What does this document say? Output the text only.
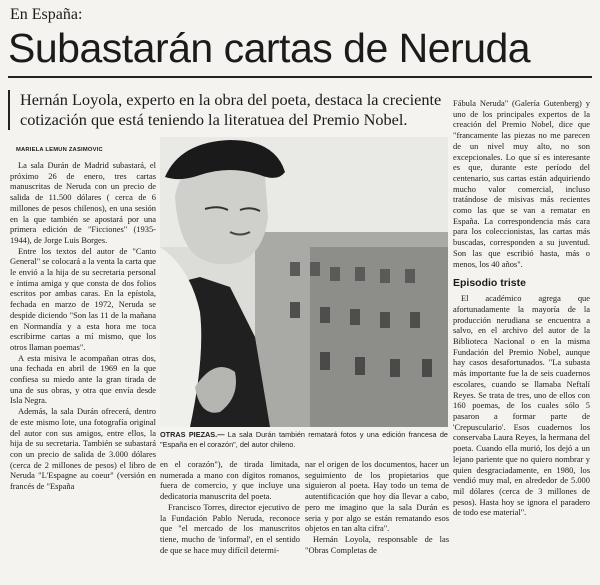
En España:
Subastarán cartas de Neruda
Hernán Loyola, experto en la obra del poeta, destaca la creciente cotización que está teniendo la literatuea del Premio Nobel.
MARIELA LEMUN ZASIMOVIC

La sala Durán de Madrid subastará, el próximo 26 de enero, tres cartas manuscritas de Neruda con un precio de salida de 11.500 dólares ( cerca de 6 millones de pesos chilenos), en una sesión en la que también se apostará por una primera edición de "Ficciones" (1935-1944), de Jorge Luis Borges.

Entre los textos del autor de "Canto General" se colocará a la venta la carta que le envió a la hija de su secretaria personal e íntima amiga y que consta de dos folios escritos por ambas caras. En la epístola, fechada en marzo de 1972, Neruda se despide diciendo "Son las 11 de la mañana en Normandía y a esta hora me toca escribirme cartas a mí mismo, que los otros llaman poemas".

A esta misiva le acompañan otras dos, una fechada en abril de 1969 en la que confiesa su miedo ante la gran tirada de una de sus obras, y otra que envía desde Isla Negra.

Además, la sala Durán ofrecerá, dentro de este mismo lote, una fotografía original del autor con sus amigos, entre ellos, la hija de su secretaria. También se subastará con un precio de salida de 3.000 dólares (cerca de 2 millones de pesos) el libro de Neruda "L'Espagne au coeur" (versión en francés de "España

OTRAS PIEZAS.— La sala Durán también rematará fotos y una edición francesa de "España en el corazón", del autor chileno.

en el corazón"), de tirada limitada, numerada a mano con dígitos romanos, fuera de comercio, y que incluye una dedicatoria manuscrita del poeta.

Francisco Torres, director ejecutivo de la Fundación Pablo Neruda, reconoce que "el mercado de los manuscritos tiene, mucho de 'informal', en el sentido de que se hace muy difícil determi-

nar el origen de los documentos, hacer un seguimiento de los propietarios que siguieron al poeta. Hay todo un tema de autentificación que hoy día llevar a cabo, pero me imagino que la sala Durán es seria y por algo se están rematando esos objetos en tan alta cifra".

Hernán Loyola, responsable de las "Obras Completas de

Fábula Neruda" (Galería Gutenberg) y uno de los principales expertos de la creación del Premio Nobel, dice que "francamente las piezas no me parecen de un nivel muy alto, no son excepcionales. Lo que sí es interesante es que, durante este período del centenario, sus cartas están adquiriendo mucho valor comercial, incluso tratándose de misivas más recientes como las que se van a rematar en España. La correspondencia más cara para los coleccionistas, las cartas más buscadas, corresponden a su juventud. Son las que escribió hasta, más o menos, los 40 años".

Episodio triste

El académico agrega que afortunadamente la mayoría de la producción nerudiana se encuentra a salvo, en el archivo del autor de la Biblioteca Nacional o en la misma Fundación del Premio Nobel, aunque hay casos desafortunados. "La subasta más importante fue la de seis cuadernos escolares, cuando se llamaba Neftalí Reyes. Se trata de tres, uno de ellos con 160 poemas, de los cuales sólo 5 pasaron a formar parte de 'Crepusculario'. Esos cuadernos los conservaba Laura Reyes, la hermana del poeta. Cuando ella murió, los dejó a un lejano pariente que no quiero nombrar y quien desgraciadamente, en 1980, los vendió muy mal, en alrededor de 5.000 mil dólares (cerca de 3 millones de pesos). Hasta hoy se ignora el paradero de todo ese material".
